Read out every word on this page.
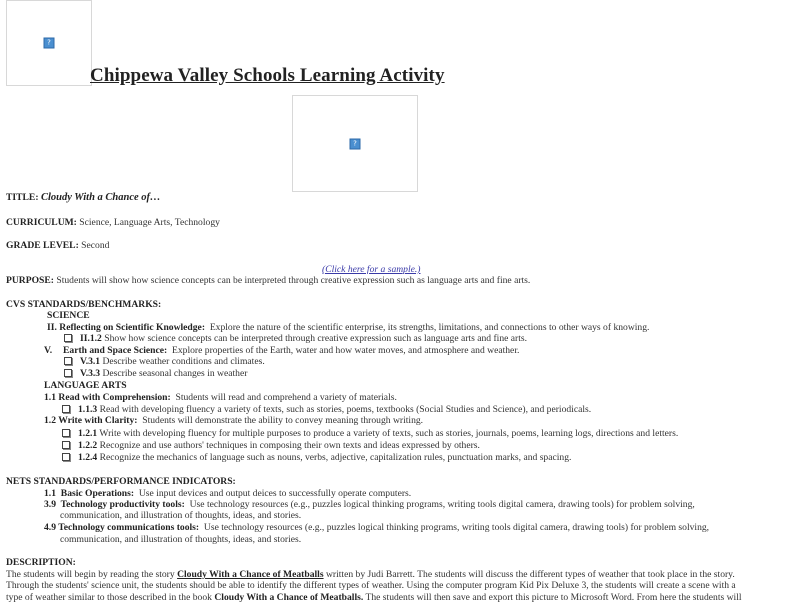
?
Chippewa Valley Schools Learning Activity
?
TITLE: Cloudy With a Chance of…
CURRICULUM: Science, Language Arts, Technology
GRADE LEVEL: Second
(Click here for a sample.)
PURPOSE: Students will show how science concepts can be interpreted through creative expression such as language arts and fine arts.
CVS STANDARDS/BENCHMARKS:
SCIENCE
II. Reflecting on Scientific Knowledge: Explore the nature of the scientific enterprise, its strengths, limitations, and connections to other ways of knowing.
II.1.2 Show how science concepts can be interpreted through creative expression such as language arts and fine arts.
V. Earth and Space Science: Explore properties of the Earth, water and how water moves, and atmosphere and weather.
V.3.1 Describe weather conditions and climates.
V.3.3 Describe seasonal changes in weather
LANGUAGE ARTS
1.1 Read with Comprehension: Students will read and comprehend a variety of materials.
1.1.3 Read with developing fluency a variety of texts, such as stories, poems, textbooks (Social Studies and Science), and periodicals.
1.2 Write with Clarity: Students will demonstrate the ability to convey meaning through writing.
1.2.1 Write with developing fluency for multiple purposes to produce a variety of texts, such as stories, journals, poems, learning logs, directions and letters.
1.2.2 Recognize and use authors' techniques in composing their own texts and ideas expressed by others.
1.2.4 Recognize the mechanics of language such as nouns, verbs, adjective, capitalization rules, punctuation marks, and spacing.
NETS STANDARDS/PERFORMANCE INDICATORS:
1.1  Basic Operations: Use input devices and output deices to successfully operate computers.
3.9  Technology productivity tools: Use technology resources (e.g., puzzles logical thinking programs, writing tools digital camera, drawing tools) for problem solving,
communication, and illustration of thoughts, ideas, and stories.
4.9 Technology communications tools: Use technology resources (e.g., puzzles logical thinking programs, writing tools digital camera, drawing tools) for problem solving,
communication, and illustration of thoughts, ideas, and stories.
DESCRIPTION:
The students will begin by reading the story Cloudy With a Chance of Meatballs written by Judi Barrett. The students will discuss the different types of weather that took place in the story.
Through the students' science unit, the students should be able to identify the different types of weather. Using the computer program Kid Pix Deluxe 3, the students will create a scene with a
type of weather similar to those described in the book Cloudy With a Chance of Meatballs. The students will then save and export this picture to Microsoft Word. From here the students will
